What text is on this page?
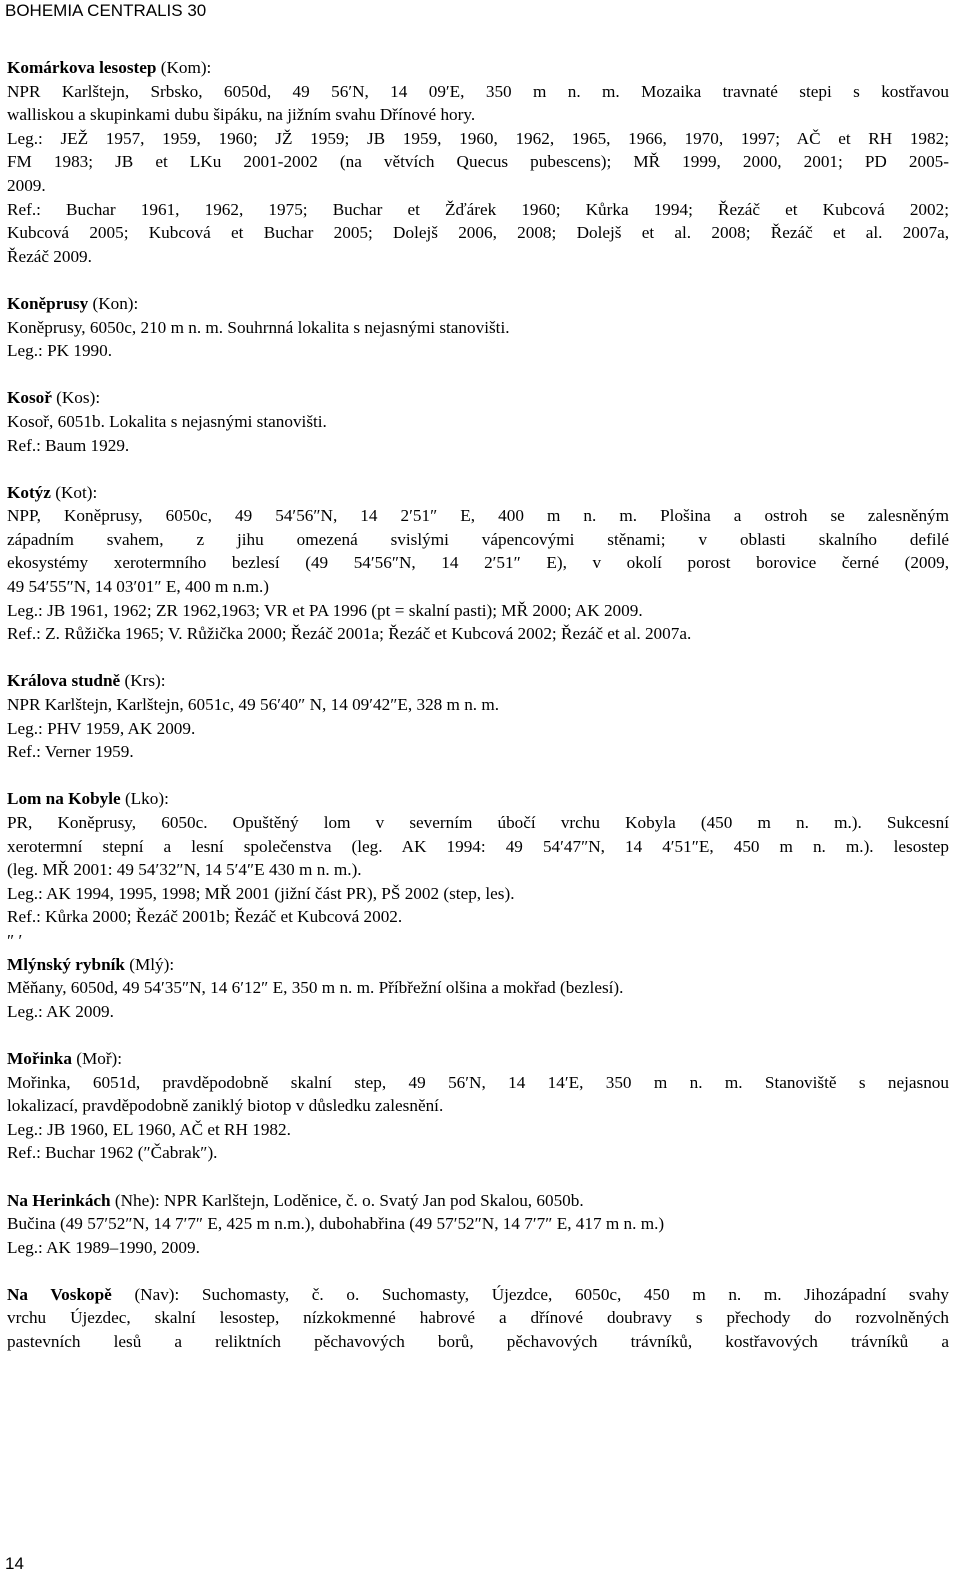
BOHEMIA CENTRALIS 30
Komárkova lesostep (Kom):
NPR Karlštejn, Srbsko, 6050d, 49 56′N, 14 09′E, 350 m n. m. Mozaika travnaté stepi s kostřavou
walliskou a skupinkami dubu šipáku, na jižním svahu Dřínové hory.
Leg.: JEŽ 1957, 1959, 1960; JŽ 1959; JB 1959, 1960, 1962, 1965, 1966, 1970, 1997; AČ et RH 1982;
FM 1983; JB et LKu 2001-2002 (na větvích Quecus pubescens); MŘ 1999, 2000, 2001; PD 2005-
2009.
Ref.: Buchar 1961, 1962, 1975; Buchar et Žďárek 1960; Kůrka 1994; Řezáč et Kubcová 2002;
Kubcová 2005; Kubcová et Buchar 2005; Dolejš 2006, 2008; Dolejš et al. 2008; Řezáč et al. 2007a,
Řezáč 2009.
Koněprusy (Kon):
Koněprusy, 6050c, 210 m n. m. Souhrnná lokalita s nejasnými stanovišti.
Leg.: PK 1990.
Kosoř (Kos):
Kosoř, 6051b. Lokalita s nejasnými stanovišti.
Ref.: Baum 1929.
Kotýz (Kot):
NPP, Koněprusy, 6050c, 49 54′56″N, 14 2′51″ E, 400 m n. m. Plošina a ostroh se zalesněným
západním svahem, z jihu omezená svislými vápencovými stěnami; v oblasti skalního defilé
ekosystémy xerotermního bezlesí (49 54′56″N, 14 2′51″ E), v okolí porost borovice černé (2009,
49 54′55″N, 14 03′01″ E, 400 m n.m.)
Leg.: JB 1961, 1962; ZR 1962,1963; VR et PA 1996 (pt = skalní pasti); MŘ 2000; AK 2009.
Ref.: Z. Růžička 1965; V. Růžička 2000; Řezáč 2001a; Řezáč et Kubcová 2002; Řezáč et al. 2007a.
Králova studně (Krs):
NPR Karlštejn, Karlštejn, 6051c, 49 56′40″ N, 14 09′42″E, 328 m n. m.
Leg.: PHV 1959, AK 2009.
Ref.: Verner 1959.
Lom na Kobyle (Lko):
PR, Koněprusy, 6050c. Opuštěný lom v severním úbočí vrchu Kobyla (450 m n. m.). Sukcesní
xerotermní stepní a lesní společenstva (leg. AK 1994: 49 54′47″N, 14 4′51″E, 450 m n. m.). lesostep
(leg. MŘ 2001: 49 54′32″N, 14 5′4″E 430 m n. m.).
Leg.: AK 1994, 1995, 1998; MŘ 2001 (jižní část PR), PŠ 2002 (step, les).
Ref.: Kůrka 2000; Řezáč 2001b; Řezáč et Kubcová 2002.
″ ′
Mlýnský rybník (Mlý):
Měňany, 6050d, 49 54′35″N, 14 6′12″ E, 350 m n. m. Příbřežní olšina a mokřad (bezlesí).
Leg.: AK 2009.
Mořinka (Moř):
Mořinka, 6051d, pravděpodobně skalní step, 49 56′N, 14 14′E, 350 m n. m. Stanoviště s nejasnou
lokalizací, pravděpodobně zaniklý biotop v důsledku zalesnění.
Leg.: JB 1960, EL 1960, AČ et RH 1982.
Ref.: Buchar 1962 (″Čabrak″).
Na Herinkách (Nhe): NPR Karlštejn, Loděnice, č. o. Svatý Jan pod Skalou, 6050b.
Bučina (49 57′52″N, 14 7′7″ E, 425 m n.m.), dubohabřina (49 57′52″N, 14 7′7″ E, 417 m n. m.)
Leg.: AK 1989–1990, 2009.
Na Voskopě (Nav): Suchomasty, č. o. Suchomasty, Újezdce, 6050c, 450 m n. m. Jihozápadní svahy
vrchu Újezdec, skalní lesostep, nízkokmenné habrové a dřínové doubravy s přechody do rozvolněných
pastevních lesů a reliktních pěchavových borů, pěchavových trávníků, kostřavových trávníků a
14
